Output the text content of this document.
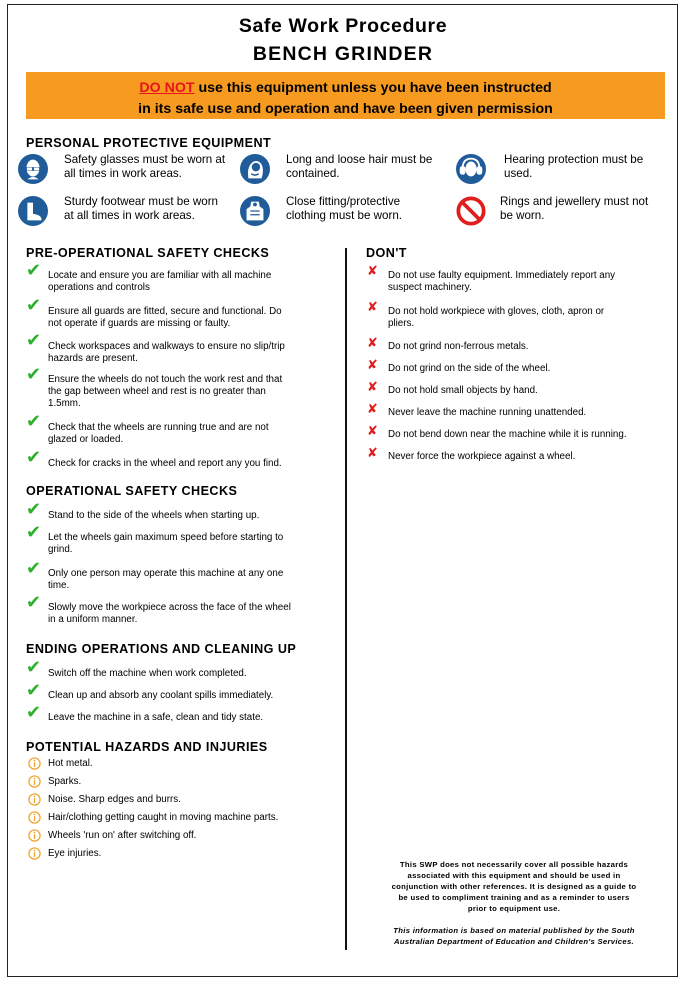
Safe Work Procedure
BENCH GRINDER
DO NOT use this equipment unless you have been instructed
in its safe use and operation and have been given permission
PERSONAL PROTECTIVE EQUIPMENT
Safety glasses must be worn at
all times in work areas.
Long and loose hair must be
contained.
Hearing protection must be
used.
Sturdy footwear must be worn
at all times in work areas.
Close fitting/protective
clothing must be worn.
Rings and jewellery must not
be worn.
PRE-OPERATIONAL SAFETY CHECKS
✔ Locate and ensure you are familiar with all machine
operations and controls
✔ Ensure all guards are fitted, secure and functional. Do
not operate if guards are missing or faulty.
✔ Check workspaces and walkways to ensure no slip/trip
hazards are present.
✔ Ensure the wheels do not touch the work rest and that
the gap between wheel and rest is no greater than
1.5mm.
✔ Check that the wheels are running true and are not
glazed or loaded.
✔ Check for cracks in the wheel and report any you find.
OPERATIONAL SAFETY CHECKS
✔ Stand to the side of the wheels when starting up.
✔ Let the wheels gain maximum speed before starting to
grind.
✔ Only one person may operate this machine at any one
time.
✔ Slowly move the workpiece across the face of the wheel
in a uniform manner.
ENDING OPERATIONS AND CLEANING UP
✔ Switch off the machine when work completed.
✔ Clean up and absorb any coolant spills immediately.
✔ Leave the machine in a safe, clean and tidy state.
POTENTIAL HAZARDS AND INJURIES
Hot metal.
Sparks.
Noise. Sharp edges and burrs.
Hair/clothing getting caught in moving machine parts.
Wheels 'run on' after switching off.
Eye injuries.
DON'T
✘ Do not use faulty equipment. Immediately report any
suspect machinery.
✘ Do not hold workpiece with gloves, cloth, apron or
pliers.
✘ Do not grind non-ferrous metals.
✘ Do not grind on the side of the wheel.
✘ Do not hold small objects by hand.
✘ Never leave the machine running unattended.
✘ Do not bend down near the machine while it is running.
✘ Never force the workpiece against a wheel.
This SWP does not necessarily cover all possible hazards
associated with this equipment and should be used in
conjunction with other references. It is designed as a guide to
be used to compliment training and as a reminder to users
prior to equipment use.
This information is based on material published by the South
Australian Department of Education and Children's Services.
